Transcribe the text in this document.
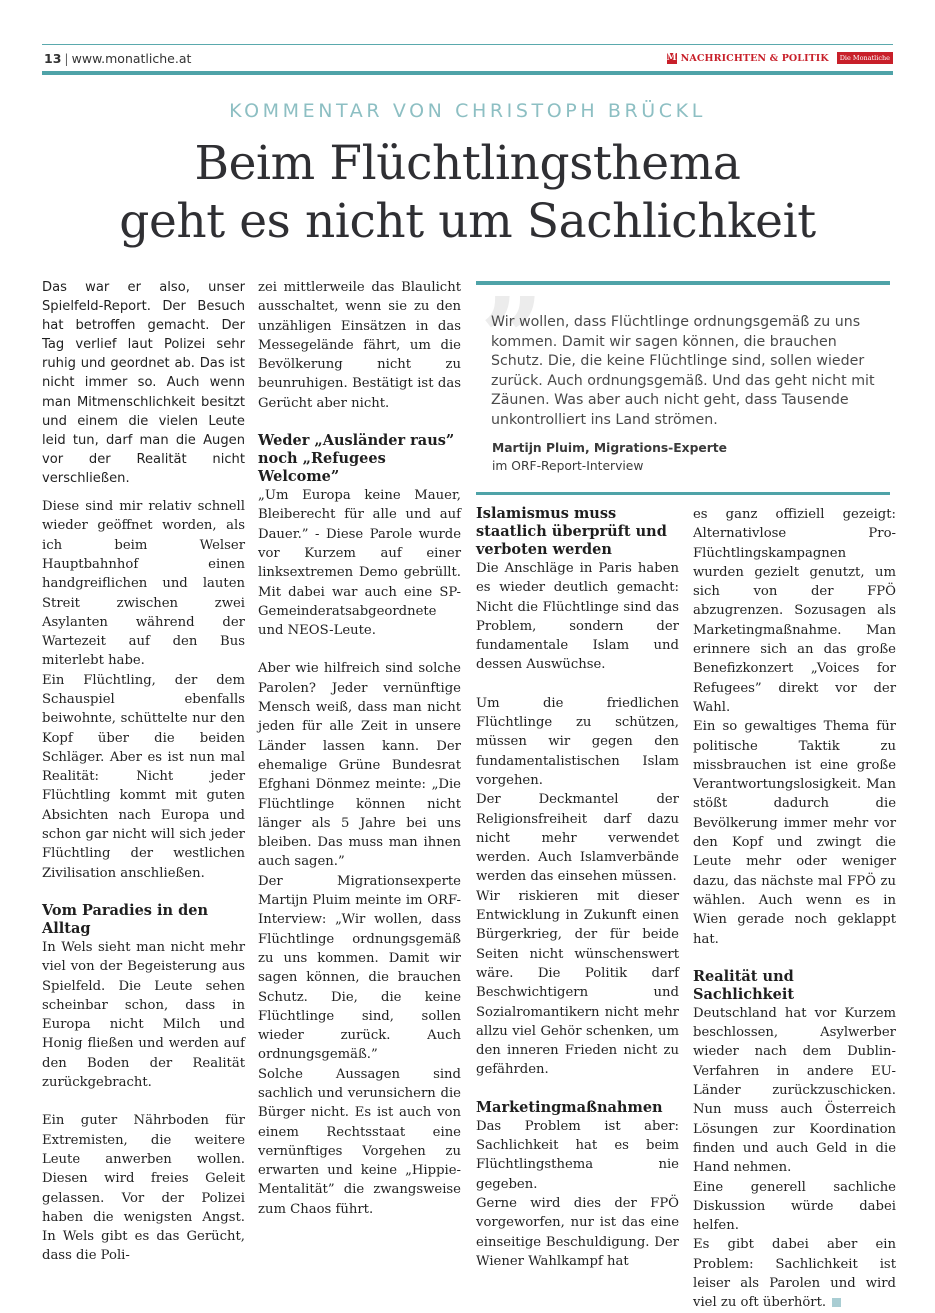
13 | www.monatliche.at	M NACHRICHTEN & POLITIK	Die Monatliche
KOMMENTAR VON CHRISTOPH BRÜCKL
Beim Flüchtlingsthema
geht es nicht um Sachlichkeit

Das war er also, unser Spielfeld-Report. Der Besuch hat betroffen gemacht. Der Tag verlief laut Polizei sehr ruhig und geordnet ab. Das ist nicht immer so. Auch wenn man Mitmenschlichkeit besitzt und einem die vielen Leute leid tun, darf man die Augen vor der Realität nicht verschließen.

Diese sind mir relativ schnell wieder geöffnet worden, als ich beim Welser Hauptbahnhof einen handgreiflichen und lauten Streit zwischen zwei Asylanten während der Wartezeit auf den Bus miterlebt habe.

Ein Flüchtling, der dem Schauspiel ebenfalls beiwohnte, schüttelte nur den Kopf über die beiden Schläger. Aber es ist nun mal Realität: Nicht jeder Flüchtling kommt mit guten Absichten nach Europa und schon gar nicht will sich jeder Flüchtling der westlichen Zivilisation anschließen.

Vom Paradies in den Alltag

In Wels sieht man nicht mehr viel von der Begeisterung aus Spielfeld. Die Leute sehen scheinbar schon, dass in Europa nicht Milch und Honig fließen und werden auf den Boden der Realität zurückgebracht.

Ein guter Nährboden für Extremisten, die weitere Leute anwerben wollen. Diesen wird freies Geleit gelassen. Vor der Polizei haben die wenigsten Angst. In Wels gibt es das Gerücht, dass die Poli-

zei mittlerweile das Blaulicht ausschaltet, wenn sie zu den unzähligen Einsätzen in das Messegelände fährt, um die Bevölkerung nicht zu beunruhigen. Bestätigt ist das Gerücht aber nicht.

Weder „Ausländer raus” noch „Refugees Welcome”

„Um Europa keine Mauer, Bleiberecht für alle und auf Dauer.” - Diese Parole wurde vor Kurzem auf einer linksextremen Demo gebrüllt. Mit dabei war auch eine SP-Gemeinderatsabgeordnete und NEOS-Leute.

Aber wie hilfreich sind solche Parolen? Jeder vernünftige Mensch weiß, dass man nicht jeden für alle Zeit in unsere Länder lassen kann. Der ehemalige Grüne Bundesrat Efghani Dönmez meinte: „Die Flüchtlinge können nicht länger als 5 Jahre bei uns bleiben. Das muss man ihnen auch sagen.”

Der Migrationsexperte Martijn Pluim meinte im ORF-Interview: „Wir wollen, dass Flüchtlinge ordnungsgemäß zu uns kommen. Damit wir sagen können, die brauchen Schutz. Die, die keine Flüchtlinge sind, sollen wieder zurück. Auch ordnungsgemäß.”

Solche Aussagen sind sachlich und verunsichern die Bürger nicht. Es ist auch von einem Rechtsstaat eine vernünftiges Vorgehen zu erwarten und keine „Hippie-Mentalität” die zwangsweise zum Chaos führt.

”
Wir wollen, dass Flüchtlinge ordnungsgemäß zu uns kommen. Damit wir sagen können, die brauchen Schutz. Die, die keine Flüchtlinge sind, sollen wieder zurück. Auch ordnungsgemäß. Und das geht nicht mit Zäunen. Was aber auch nicht geht, dass Tausende unkontrolliert ins Land strömen.
Martijn Pluim, Migrations-Experte
im ORF-Report-Interview
Islamismus muss staatlich überprüft und verboten werden

Die Anschläge in Paris haben es wieder deutlich gemacht: Nicht die Flüchtlinge sind das Problem, sondern der fundamentale Islam und dessen Auswüchse.

Um die friedlichen Flüchtlinge zu schützen, müssen wir gegen den fundamentalistischen Islam vorgehen.

Der Deckmantel der Religionsfreiheit darf dazu nicht mehr verwendet werden. Auch Islamverbände werden das einsehen müssen.

Wir riskieren mit dieser Entwicklung in Zukunft einen Bürgerkrieg, der für beide Seiten nicht wünschenswert wäre. Die Politik darf Beschwichtigern und Sozialromantikern nicht mehr allzu viel Gehör schenken, um den inneren Frieden nicht zu gefährden.

Marketingmaßnahmen

Das Problem ist aber: Sachlichkeit hat es beim Flüchtlingsthema nie gegeben.

Gerne wird dies der FPÖ vorgeworfen, nur ist das eine einseitige Beschuldigung. Der Wiener Wahlkampf hat

es ganz offiziell gezeigt: Alternativlose Pro-Flüchtlingskampagnen wurden gezielt genutzt, um sich von der FPÖ abzugrenzen. Sozusagen als Marketingmaßnahme. Man erinnere sich an das große Benefizkonzert „Voices for Refugees” direkt vor der Wahl.

Ein so gewaltiges Thema für politische Taktik zu missbrauchen ist eine große Verantwortungslosigkeit. Man stößt dadurch die Bevölkerung immer mehr vor den Kopf und zwingt die Leute mehr oder weniger dazu, das nächste mal FPÖ zu wählen. Auch wenn es in Wien gerade noch geklappt hat.

Realität und Sachlichkeit

Deutschland hat vor Kurzem beschlossen, Asylwerber wieder nach dem Dublin-Verfahren in andere EU-Länder zurückzuschicken. Nun muss auch Österreich Lösungen zur Koordination finden und auch Geld in die Hand nehmen.

Eine generell sachliche Diskussion würde dabei helfen.

Es gibt dabei aber ein Problem: Sachlichkeit ist leiser als Parolen und wird viel zu oft überhört.
